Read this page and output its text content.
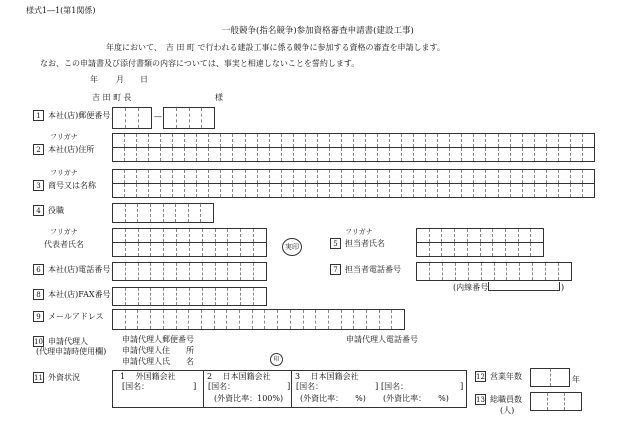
様式1―1(第1関係)
一般競争(指名競争)参加資格審査申請書(建設工事)
年度において、　吉 田 町 で行われる建設工事に係る競争に参加する資格の審査を申請します。
なお、この申請書及び添付書類の内容については、事実と相違しないことを誓約します。
年 月 日
吉 田 町 長	様
1 本社(店)郵便番号	—
フリガナ
2 本社(店)住所
フリガナ
3 商号又は名称
4 役職
フリガナ
代表者氏名	実印
フリガナ
5 担当者氏名
6 本社(店)電話番号	7 担当者電話番号
(内線番号	)
8 本社(店)FAX番号
9 メールアドレス
10 申請代理人
(代理申請時使用欄)
申請代理人郵便番号
申請代理人住　　所
申請代理人氏　　名	印
申請代理人電話番号
11 外資状況	1　 外国籍会社
[国名：　　　　　　]
2　 日本国籍会社
[国名：　　　　　　　]
(外資比率：100%)
3　 日本国籍会社
[国名：　　　　　　　] [国名：　　　　　　　]
(外資比率：　　%) (外資比率：　　%)
12 営業年数	年
13 総職員数
(人)
